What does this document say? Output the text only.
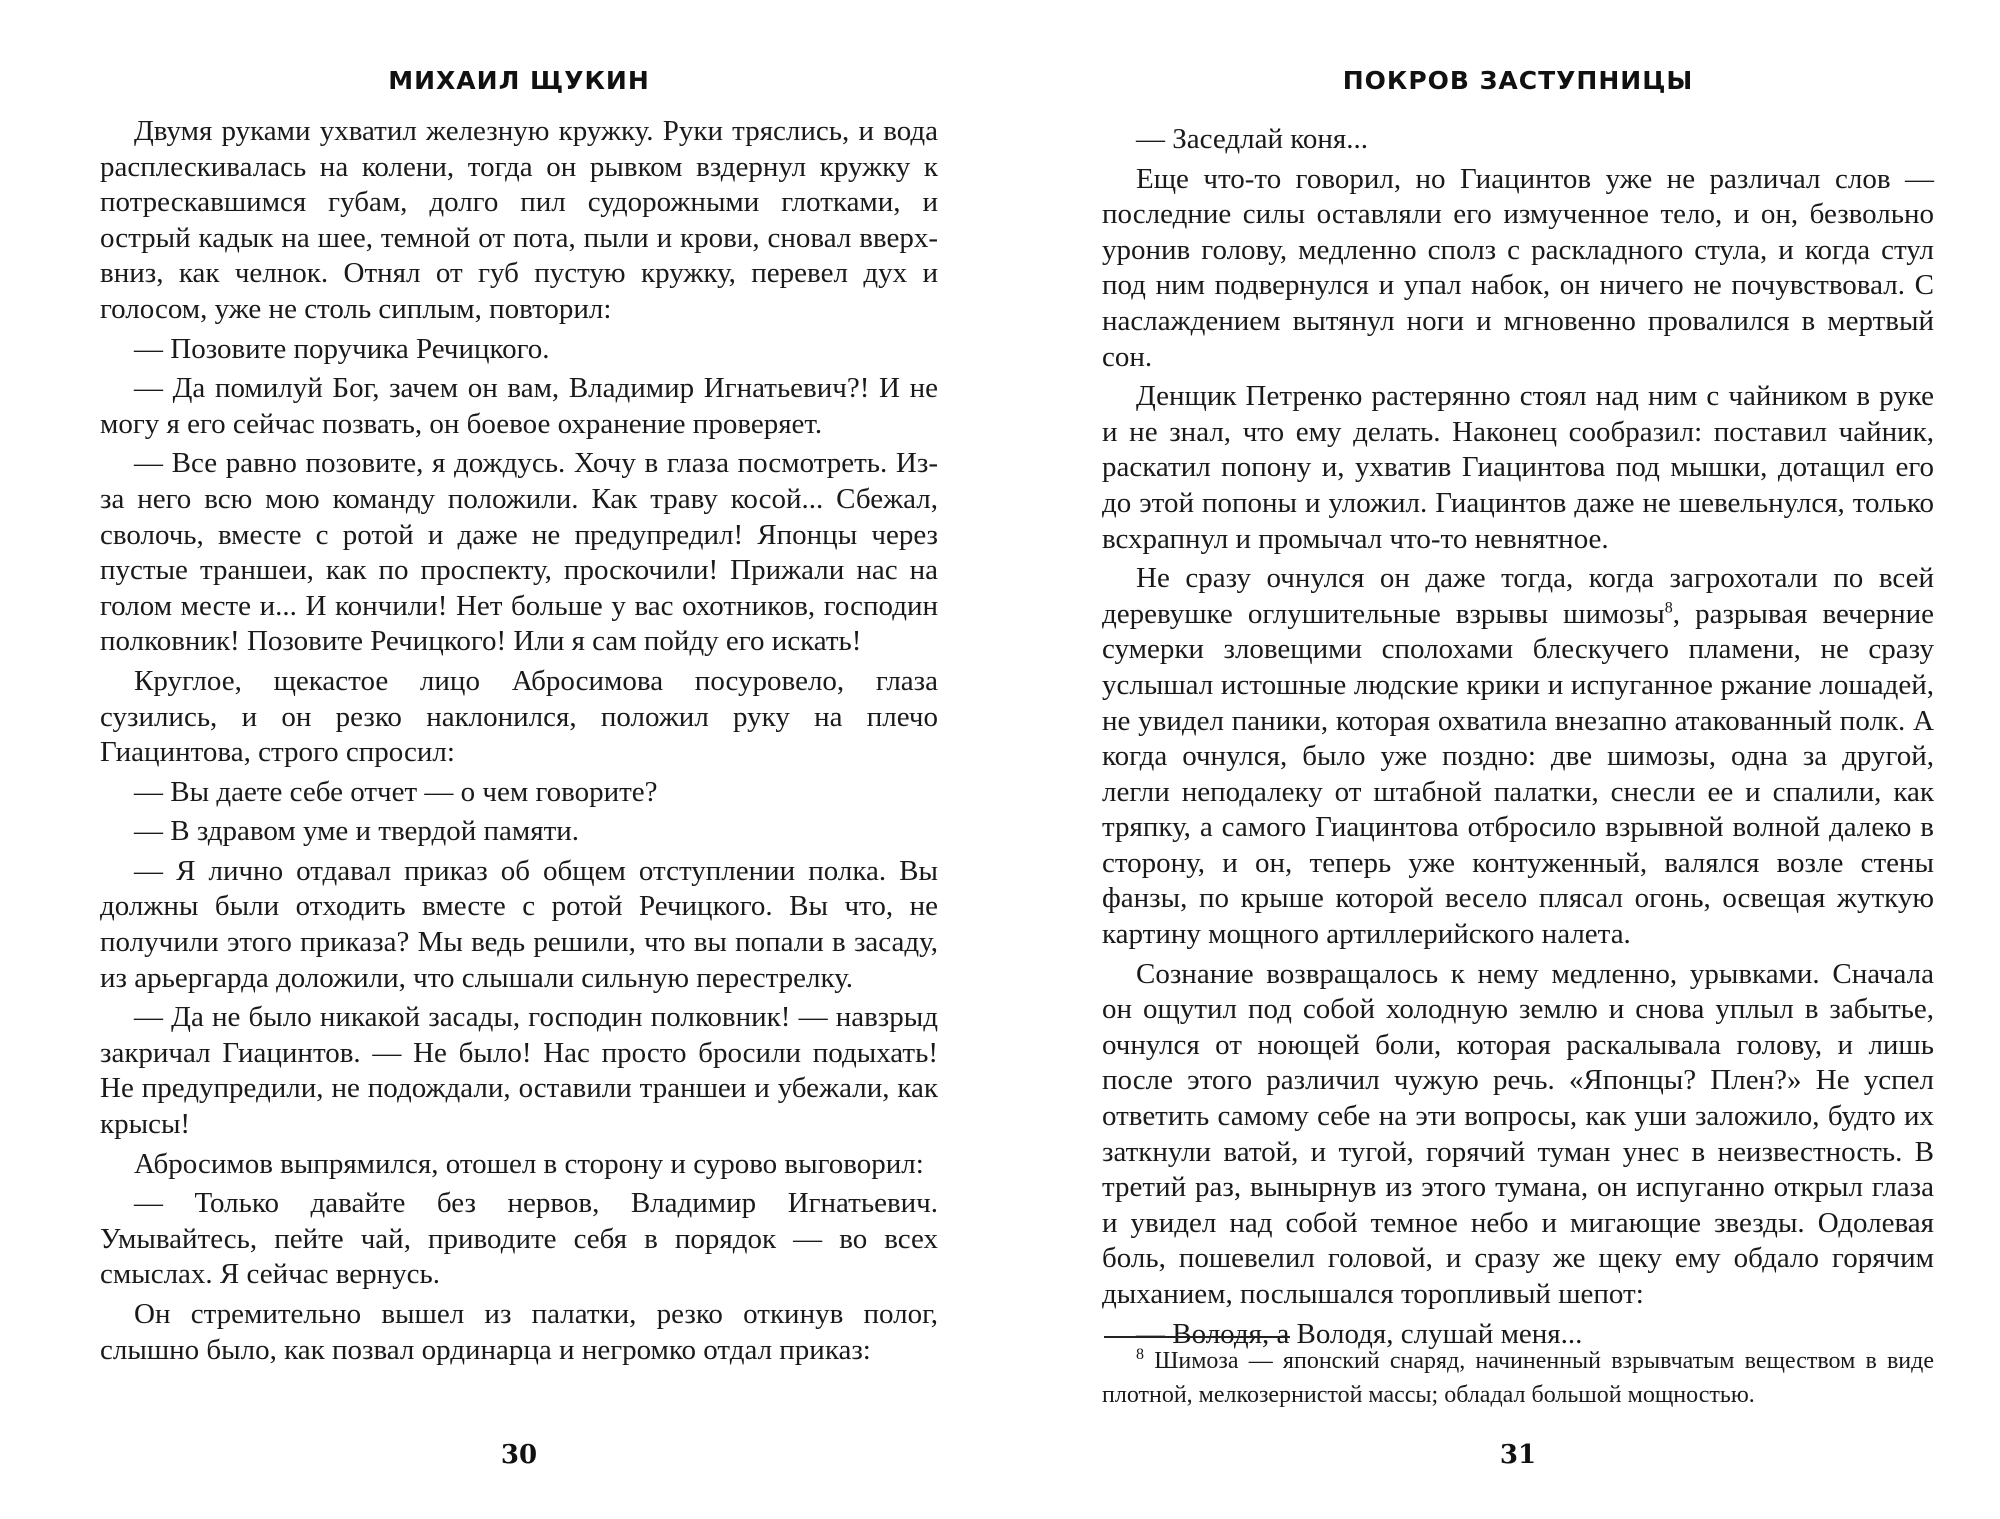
МИХАИЛ ЩУКИН

Двумя руками ухватил железную кружку. Руки тряслись, и вода расплескивалась на колени, тогда он рывком вздернул кружку к потрескавшимся губам, долго пил судорожными глотками, и острый кадык на шее, темной от пота, пыли и крови, сновал вверх-вниз, как челнок. Отнял от губ пустую кружку, перевел дух и голосом, уже не столь сиплым, повторил:

— Позовите поручика Речицкого.

— Да помилуй Бог, зачем он вам, Владимир Игнатьевич?! И не могу я его сейчас позвать, он боевое охранение проверяет.

— Все равно позовите, я дождусь. Хочу в глаза посмотреть. Из-за него всю мою команду положили. Как траву косой... Сбежал, сволочь, вместе с ротой и даже не предупредил! Японцы через пустые траншеи, как по проспекту, проскочили! Прижали нас на голом месте и... И кончили! Нет больше у вас охотников, господин полковник! Позовите Речицкого! Или я сам пойду его искать!

Круглое, щекастое лицо Абросимова посуровело, глаза сузились, и он резко наклонился, положил руку на плечо Гиацинтова, строго спросил:

— Вы даете себе отчет — о чем говорите?

— В здравом уме и твердой памяти.

— Я лично отдавал приказ об общем отступлении полка. Вы должны были отходить вместе с ротой Речицкого. Вы что, не получили этого приказа? Мы ведь решили, что вы попали в засаду, из арьергарда доложили, что слышали сильную перестрелку.

— Да не было никакой засады, господин полковник! — навзрыд закричал Гиацинтов. — Не было! Нас просто бросили подыхать! Не предупредили, не подождали, оставили траншеи и убежали, как крысы!

Абросимов выпрямился, отошел в сторону и сурово выговорил:

— Только давайте без нервов, Владимир Игнатьевич. Умывайтесь, пейте чай, приводите себя в порядок — во всех смыслах. Я сейчас вернусь.

Он стремительно вышел из палатки, резко откинув полог, слышно было, как позвал ординарца и негромко отдал приказ:

30
ПОКРОВ ЗАСТУПНИЦЫ

— Заседлай коня...

Еще что-то говорил, но Гиацинтов уже не различал слов — последние силы оставляли его измученное тело, и он, безвольно уронив голову, медленно сполз с раскладного стула, и когда стул под ним подвернулся и упал набок, он ничего не почувствовал. С наслаждением вытянул ноги и мгновенно провалился в мертвый сон.

Денщик Петренко растерянно стоял над ним с чайником в руке и не знал, что ему делать. Наконец сообразил: поставил чайник, раскатил попону и, ухватив Гиацинтова под мышки, дотащил его до этой попоны и уложил. Гиацинтов даже не шевельнулся, только всхрапнул и промычал что-то невнятное.

Не сразу очнулся он даже тогда, когда загрохотали по всей деревушке оглушительные взрывы шимозы$^8$, разрывая вечерние сумерки зловещими сполохами блескучего пламени, не сразу услышал истошные людские крики и испуганное ржание лошадей, не увидел паники, которая охватила внезапно атакованный полк. А когда очнулся, было уже поздно: две шимозы, одна за другой, легли неподалеку от штабной палатки, снесли ее и спалили, как тряпку, а самого Гиацинтова отбросило взрывной волной далеко в сторону, и он, теперь уже контуженный, валялся возле стены фанзы, по крыше которой весело плясал огонь, освещая жуткую картину мощного артиллерийского налета.

Сознание возвращалось к нему медленно, урывками. Сначала он ощутил под собой холодную землю и снова уплыл в забытье, очнулся от ноющей боли, которая раскалывала голову, и лишь после этого различил чужую речь. «Японцы? Плен?» Не успел ответить самому себе на эти вопросы, как уши заложило, будто их заткнули ватой, и тугой, горячий туман унес в неизвестность. В третий раз, вынырнув из этого тумана, он испуганно открыл глаза и увидел над собой темное небо и мигающие звезды. Одолевая боль, пошевелил головой, и сразу же щеку ему обдало горячим дыханием, послышался торопливый шепот:

— Володя, а Володя, слушай меня...

$^8$ Шимоза — японский снаряд, начиненный взрывчатым веществом в виде плотной, мелкозернистой массы; обладал большой мощностью.
31
